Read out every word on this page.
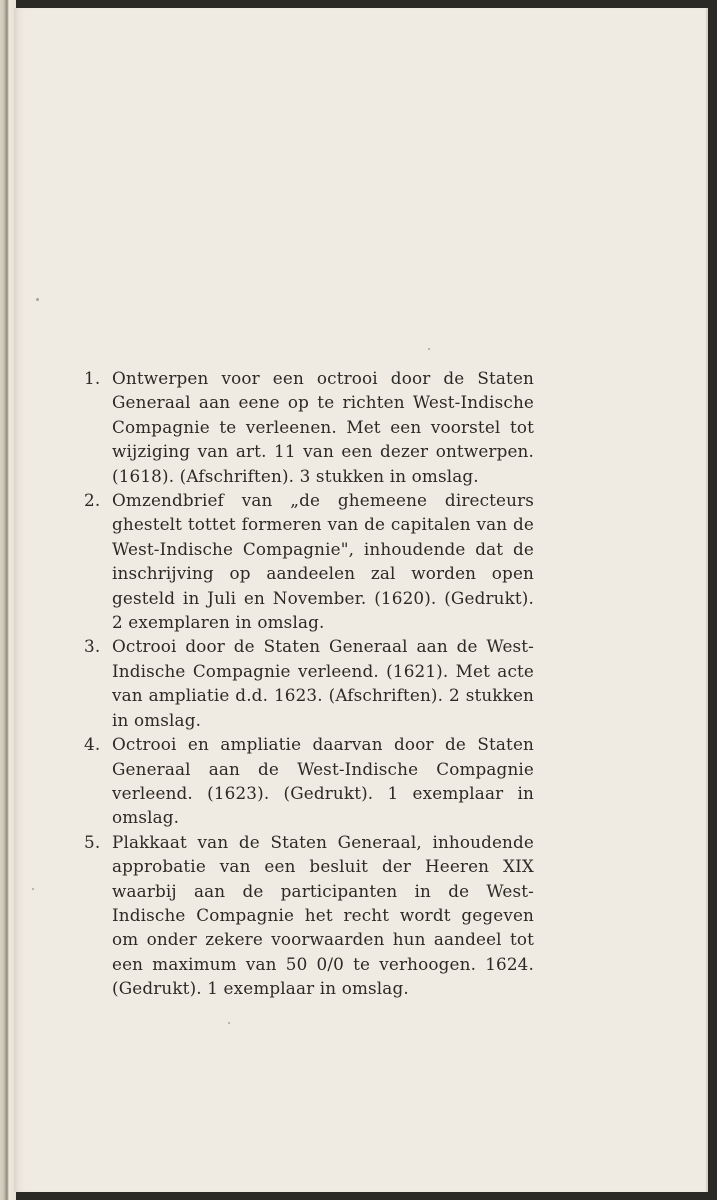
1. Ontwerpen voor een octrooi door de Staten Generaal aan eene op te richten West-Indische Compagnie te verleenen. Met een voorstel tot wijziging van art. 11 van een dezer ontwerpen. (1618). (Afschriften). 3 stukken in omslag.
2. Omzendbrief van „de ghemeene directeurs ghestelt tottet formeren van de capitalen van de West-Indische Compagnie", inhoudende dat de inschrijving op aandeelen zal worden open gesteld in Juli en November. (1620). (Gedrukt). 2 exemplaren in omslag.
3. Octrooi door de Staten Generaal aan de West-Indische Compagnie verleend. (1621). Met acte van ampliatie d.d. 1623. (Afschriften). 2 stukken in omslag.
4. Octrooi en ampliatie daarvan door de Staten Generaal aan de West-Indische Compagnie verleend. (1623). (Gedrukt). 1 exemplaar in omslag.
5. Plakkaat van de Staten Generaal, inhoudende approbatie van een besluit der Heeren XIX waarbij aan de participanten in de West-Indische Compagnie het recht wordt gegeven om onder zekere voorwaarden hun aandeel tot een maximum van 50 0/0 te verhoogen. 1624. (Gedrukt). 1 exemplaar in omslag.
